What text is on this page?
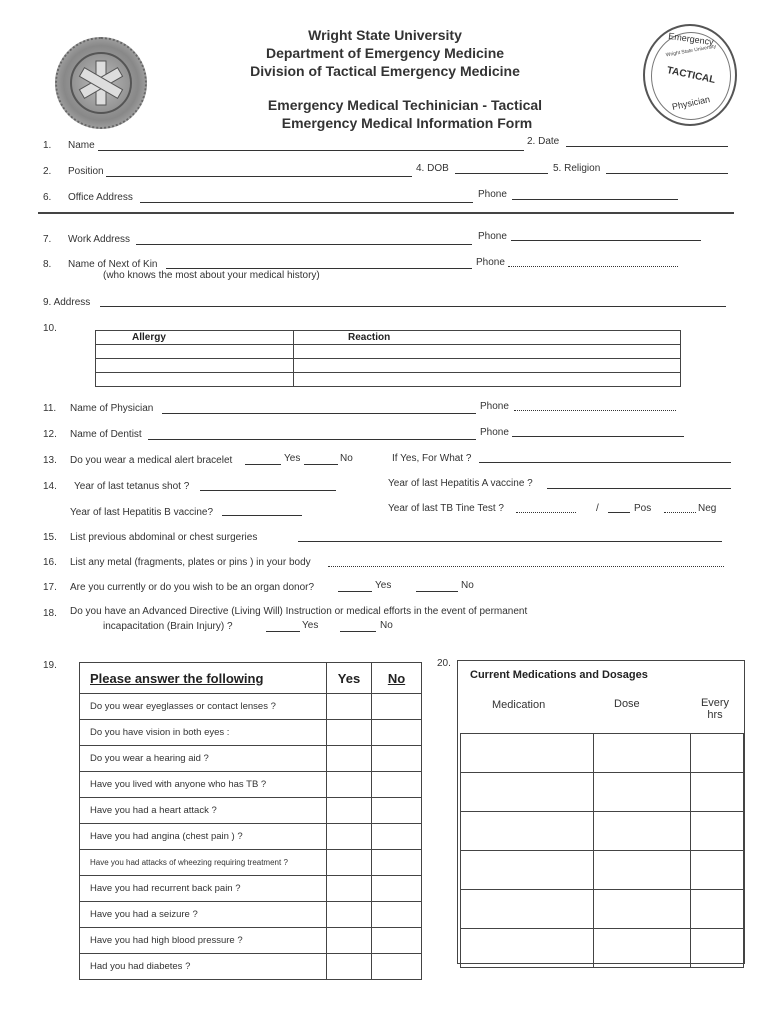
Emergency
Wright State University
TACTICAL
Physician
Wright State University
Department of Emergency Medicine
Division of Tactical Emergency Medicine
Emergency Medical Techinician - Tactical
Emergency Medical Information Form
1. Name	2. Date
2. Position	4. DOB	5. Religion
6. Office Address	Phone
7. Work Address	Phone
8. Name of Next of Kin
(who knows the most about your medical history)
Phone
9. Address
10.
Allergy	Reaction

11. Name of Physician	Phone
12. Name of Dentist	Phone
13. Do you wear a medical alert bracelet	Yes	No	If Yes, For What ?
14. Year of last tetanus shot ?	Year of last Hepatitis A vaccine ?
Year of last Hepatitis B vaccine?	Year of last TB Tine Test ?	/	Pos	Neg
15. List previous abdominal or chest surgeries
16. List any metal (fragments, plates or pins ) in your body
17. Are you currently or do you wish to be an organ donor?	Yes	No
18. Do you have an Advanced Directive (Living Will) Instruction or medical efforts in the event of permanent
incapacitation (Brain Injury) ?	Yes	No
19.
Please answer the following	Yes	No
Do you wear eyeglasses or contact lenses ?		
Do you have vision in both eyes :		
Do you wear a hearing aid ?		
Have you lived with anyone who has TB ?		
Have you had a heart attack ?		
Have you had angina (chest pain ) ?		
Have you had attacks of wheezing requiring treatment ?		
Have you had recurrent back pain ?		
Have you had a seizure ?		
Have you had high blood pressure ?		
Had you had diabetes ?		
20.
Current Medications and Dosages
Medication	Dose	Every
hrs
